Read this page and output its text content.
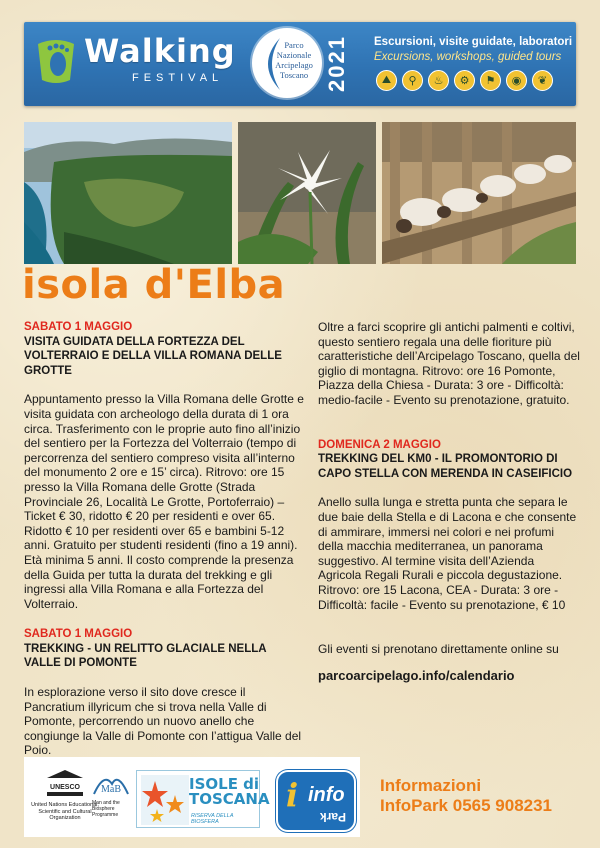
Walking
FESTIVAL
Parco
Nazionale
Arcipelago
Toscano 2021 Escursioni, visite guidate, laboratori
Excursions, workshops, guided tours
⛰	⚲	♨	⚙	⚑	◉	❦
isola d'Elba
SABATO 1 MAGGIO
VISITA GUIDATA DELLA FORTEZZA DEL VOLTERRAIO E DELLA VILLA ROMANA DELLE GROTTE
Appuntamento presso la Villa Romana delle Grotte e visita guidata con archeologo della durata di 1 ora circa. Trasferimento con le proprie auto fino all’inizio del sentiero per la Fortezza del Volterraio (tempo di percorrenza del sentiero compreso visita all’interno del monumento 2 ore e 15’ circa). Ritrovo: ore 15 presso la Villa Romana delle Grotte (Strada Provinciale 26, Località Le Grotte, Portoferraio) – Ticket € 30, ridotto € 20 per residenti e over 65. Ridotto € 10 per residenti over 65 e bambini 5-12 anni. Gratuito per studenti residenti (fino a 19 anni). Età minima 5 anni. Il costo comprende la presenza della Guida per tutta la durata del trekking e gli ingressi alla Villa Romana e alla Fortezza del Volterraio.
SABATO 1 MAGGIO
TREKKING - UN RELITTO GLACIALE NELLA VALLE DI POMONTE
In esplorazione verso il sito dove cresce il Pancratium illyricum che si trova nella Valle di Pomonte, percorrendo un nuovo anello che congiunge la Valle di Pomonte con l’attigua Valle del Poio.
Oltre a farci scoprire gli antichi palmenti e coltivi, questo sentiero regala una delle fioriture più caratteristiche dell’Arcipelago Toscano, quella del giglio di montagna. Ritrovo: ore 16 Pomonte, Piazza della Chiesa - Durata: 3 ore - Difficoltà: medio-facile - Evento su prenotazione, gratuito.
DOMENICA 2 MAGGIO
TREKKING DEL KM0 - IL PROMONTORIO DI CAPO STELLA CON MERENDA IN CASEIFICIO
Anello sulla lunga e stretta punta che separa le due baie della Stella e di Lacona e che consente di ammirare, immersi nei colori e nei profumi della macchia mediterranea, un panorama suggestivo. Al termine visita dell’Azienda Agricola Regali Rurali e piccola degustazione. Ritrovo: ore 15 Lacona, CEA - Durata: 3 ore - Difficoltà: facile - Evento su prenotazione, € 10
Gli eventi si prenotano direttamente online su
parcoarcipelago.info/calendario
UNESCO
United Nations Educational, Scientific and Cultural Organization
MaB
Man and the Biosphere Programme
ISOLE di
TOSCANA
RISERVA DELLA BIOSFERA
i info
Park
Informazioni
InfoPark 0565 908231
